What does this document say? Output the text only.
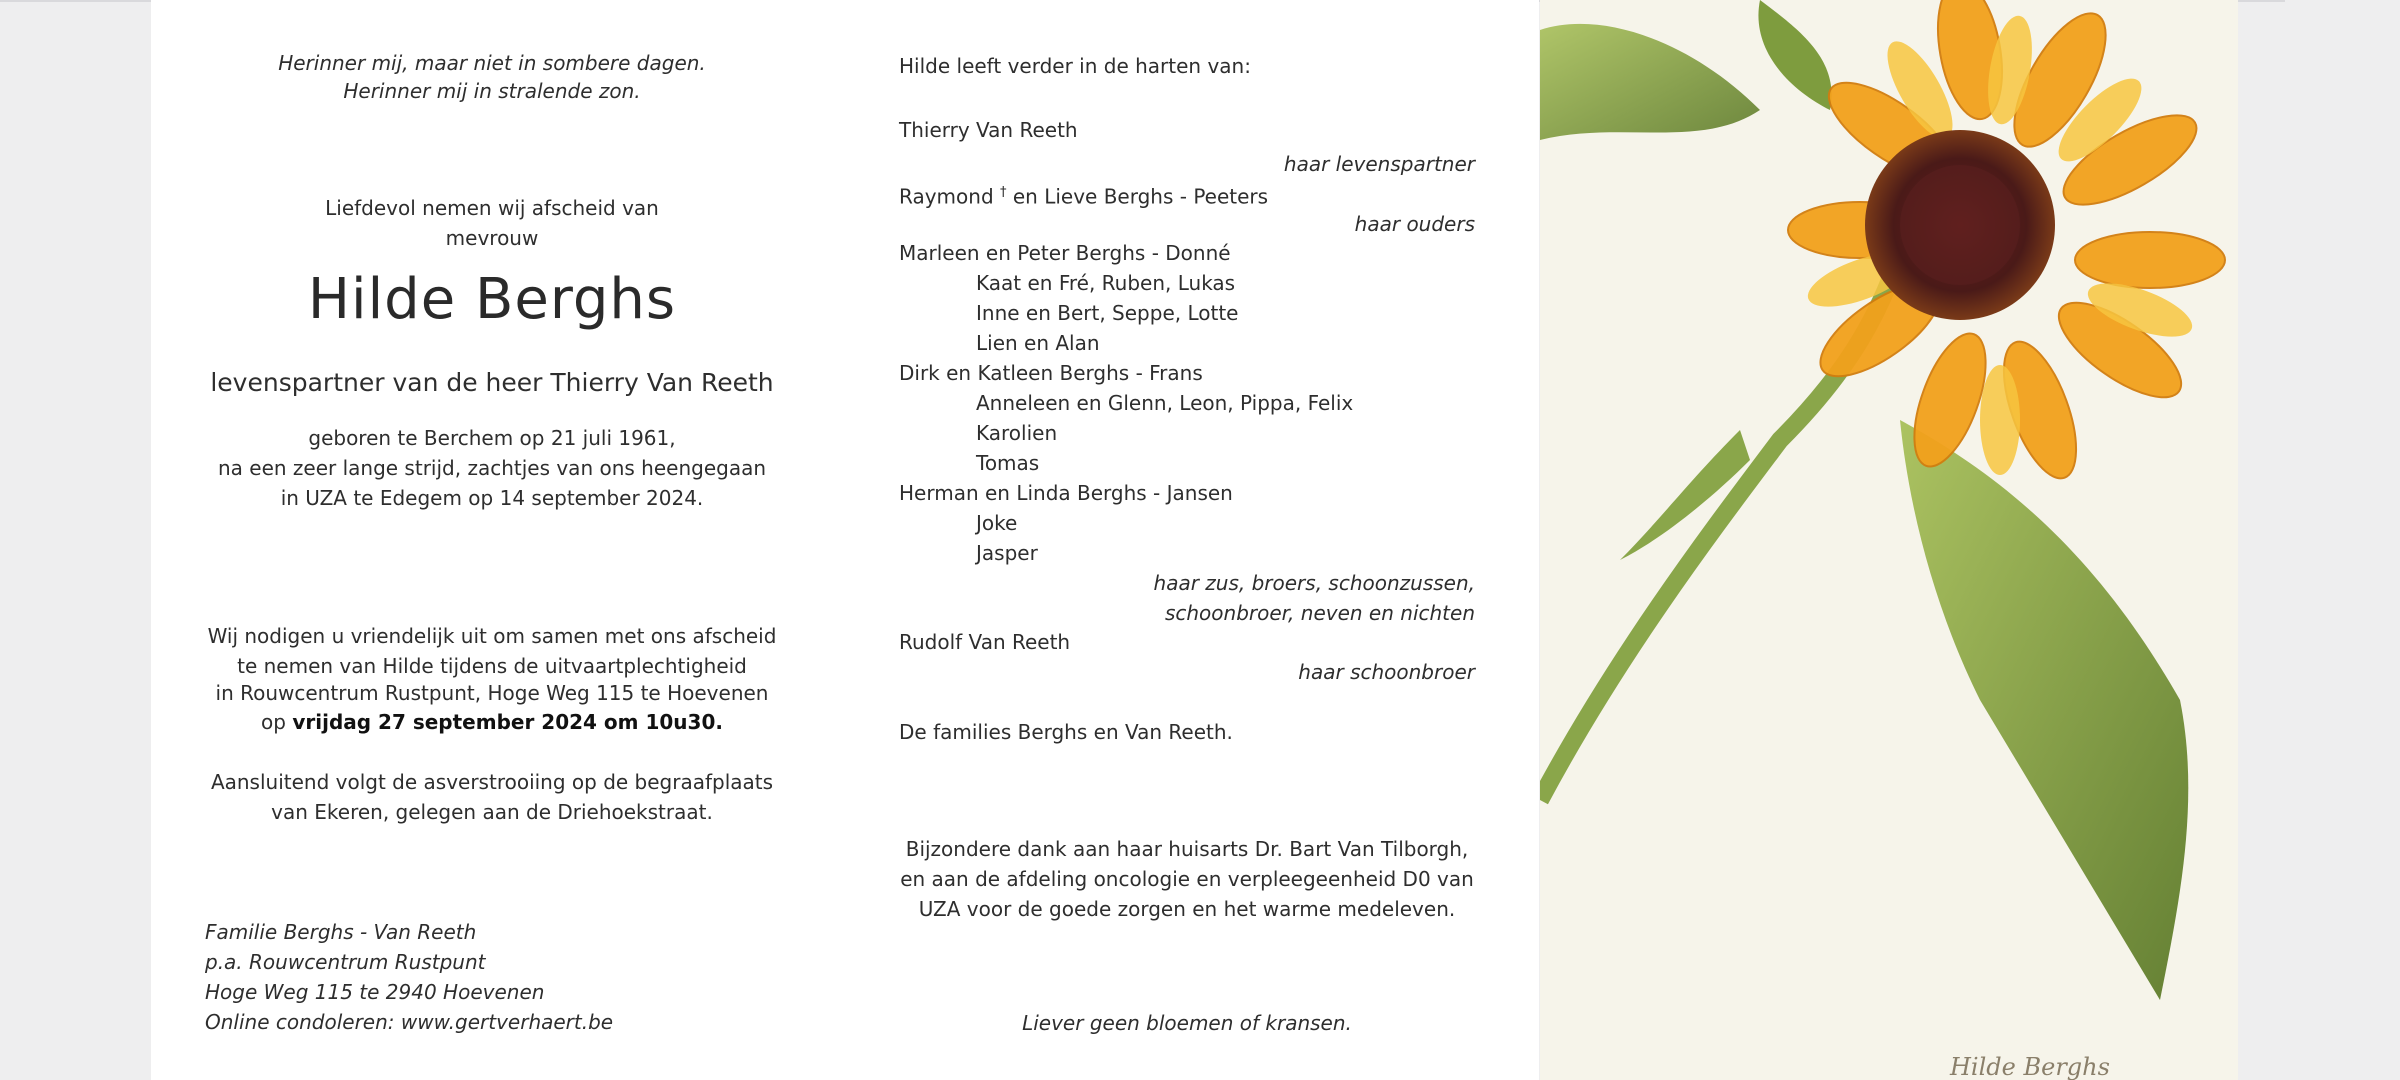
Herinner mij, maar niet in sombere dagen.
Herinner mij in stralende zon.
Liefdevol nemen wij afscheid van
mevrouw
Hilde Berghs
levenspartner van de heer Thierry Van Reeth
geboren te Berchem op 21 juli 1961,
na een zeer lange strijd, zachtjes van ons heengegaan
in UZA te Edegem op 14 september 2024.
Wij nodigen u vriendelijk uit om samen met ons afscheid
te nemen van Hilde tijdens de uitvaartplechtigheid
in Rouwcentrum Rustpunt, Hoge Weg 115 te Hoevenen
op vrijdag 27 september 2024 om 10u30.
Aansluitend volgt de asverstrooiing op de begraafplaats
van Ekeren, gelegen aan de Driehoekstraat.
Familie Berghs - Van Reeth
p.a. Rouwcentrum Rustpunt
Hoge Weg 115 te 2940 Hoevenen
Online condoleren: www.gertverhaert.be
Hilde leeft verder in de harten van:
Thierry Van Reeth
haar levenspartner
Raymond † en Lieve Berghs - Peeters
haar ouders
Marleen en Peter Berghs - Donné
Kaat en Fré, Ruben, Lukas
Inne en Bert, Seppe, Lotte
Lien en Alan
Dirk en Katleen Berghs - Frans
Anneleen en Glenn, Leon, Pippa, Felix
Karolien
Tomas
Herman en Linda Berghs - Jansen
Joke
Jasper
haar zus, broers, schoonzussen,
schoonbroer, neven en nichten
Rudolf Van Reeth
haar schoonbroer
De families Berghs en Van Reeth.
Bijzondere dank aan haar huisarts Dr. Bart Van Tilborgh,
en aan de afdeling oncologie en verpleegeenheid D0 van
UZA voor de goede zorgen en het warme medeleven.
Liever geen bloemen of kransen.
Hilde Berghs
